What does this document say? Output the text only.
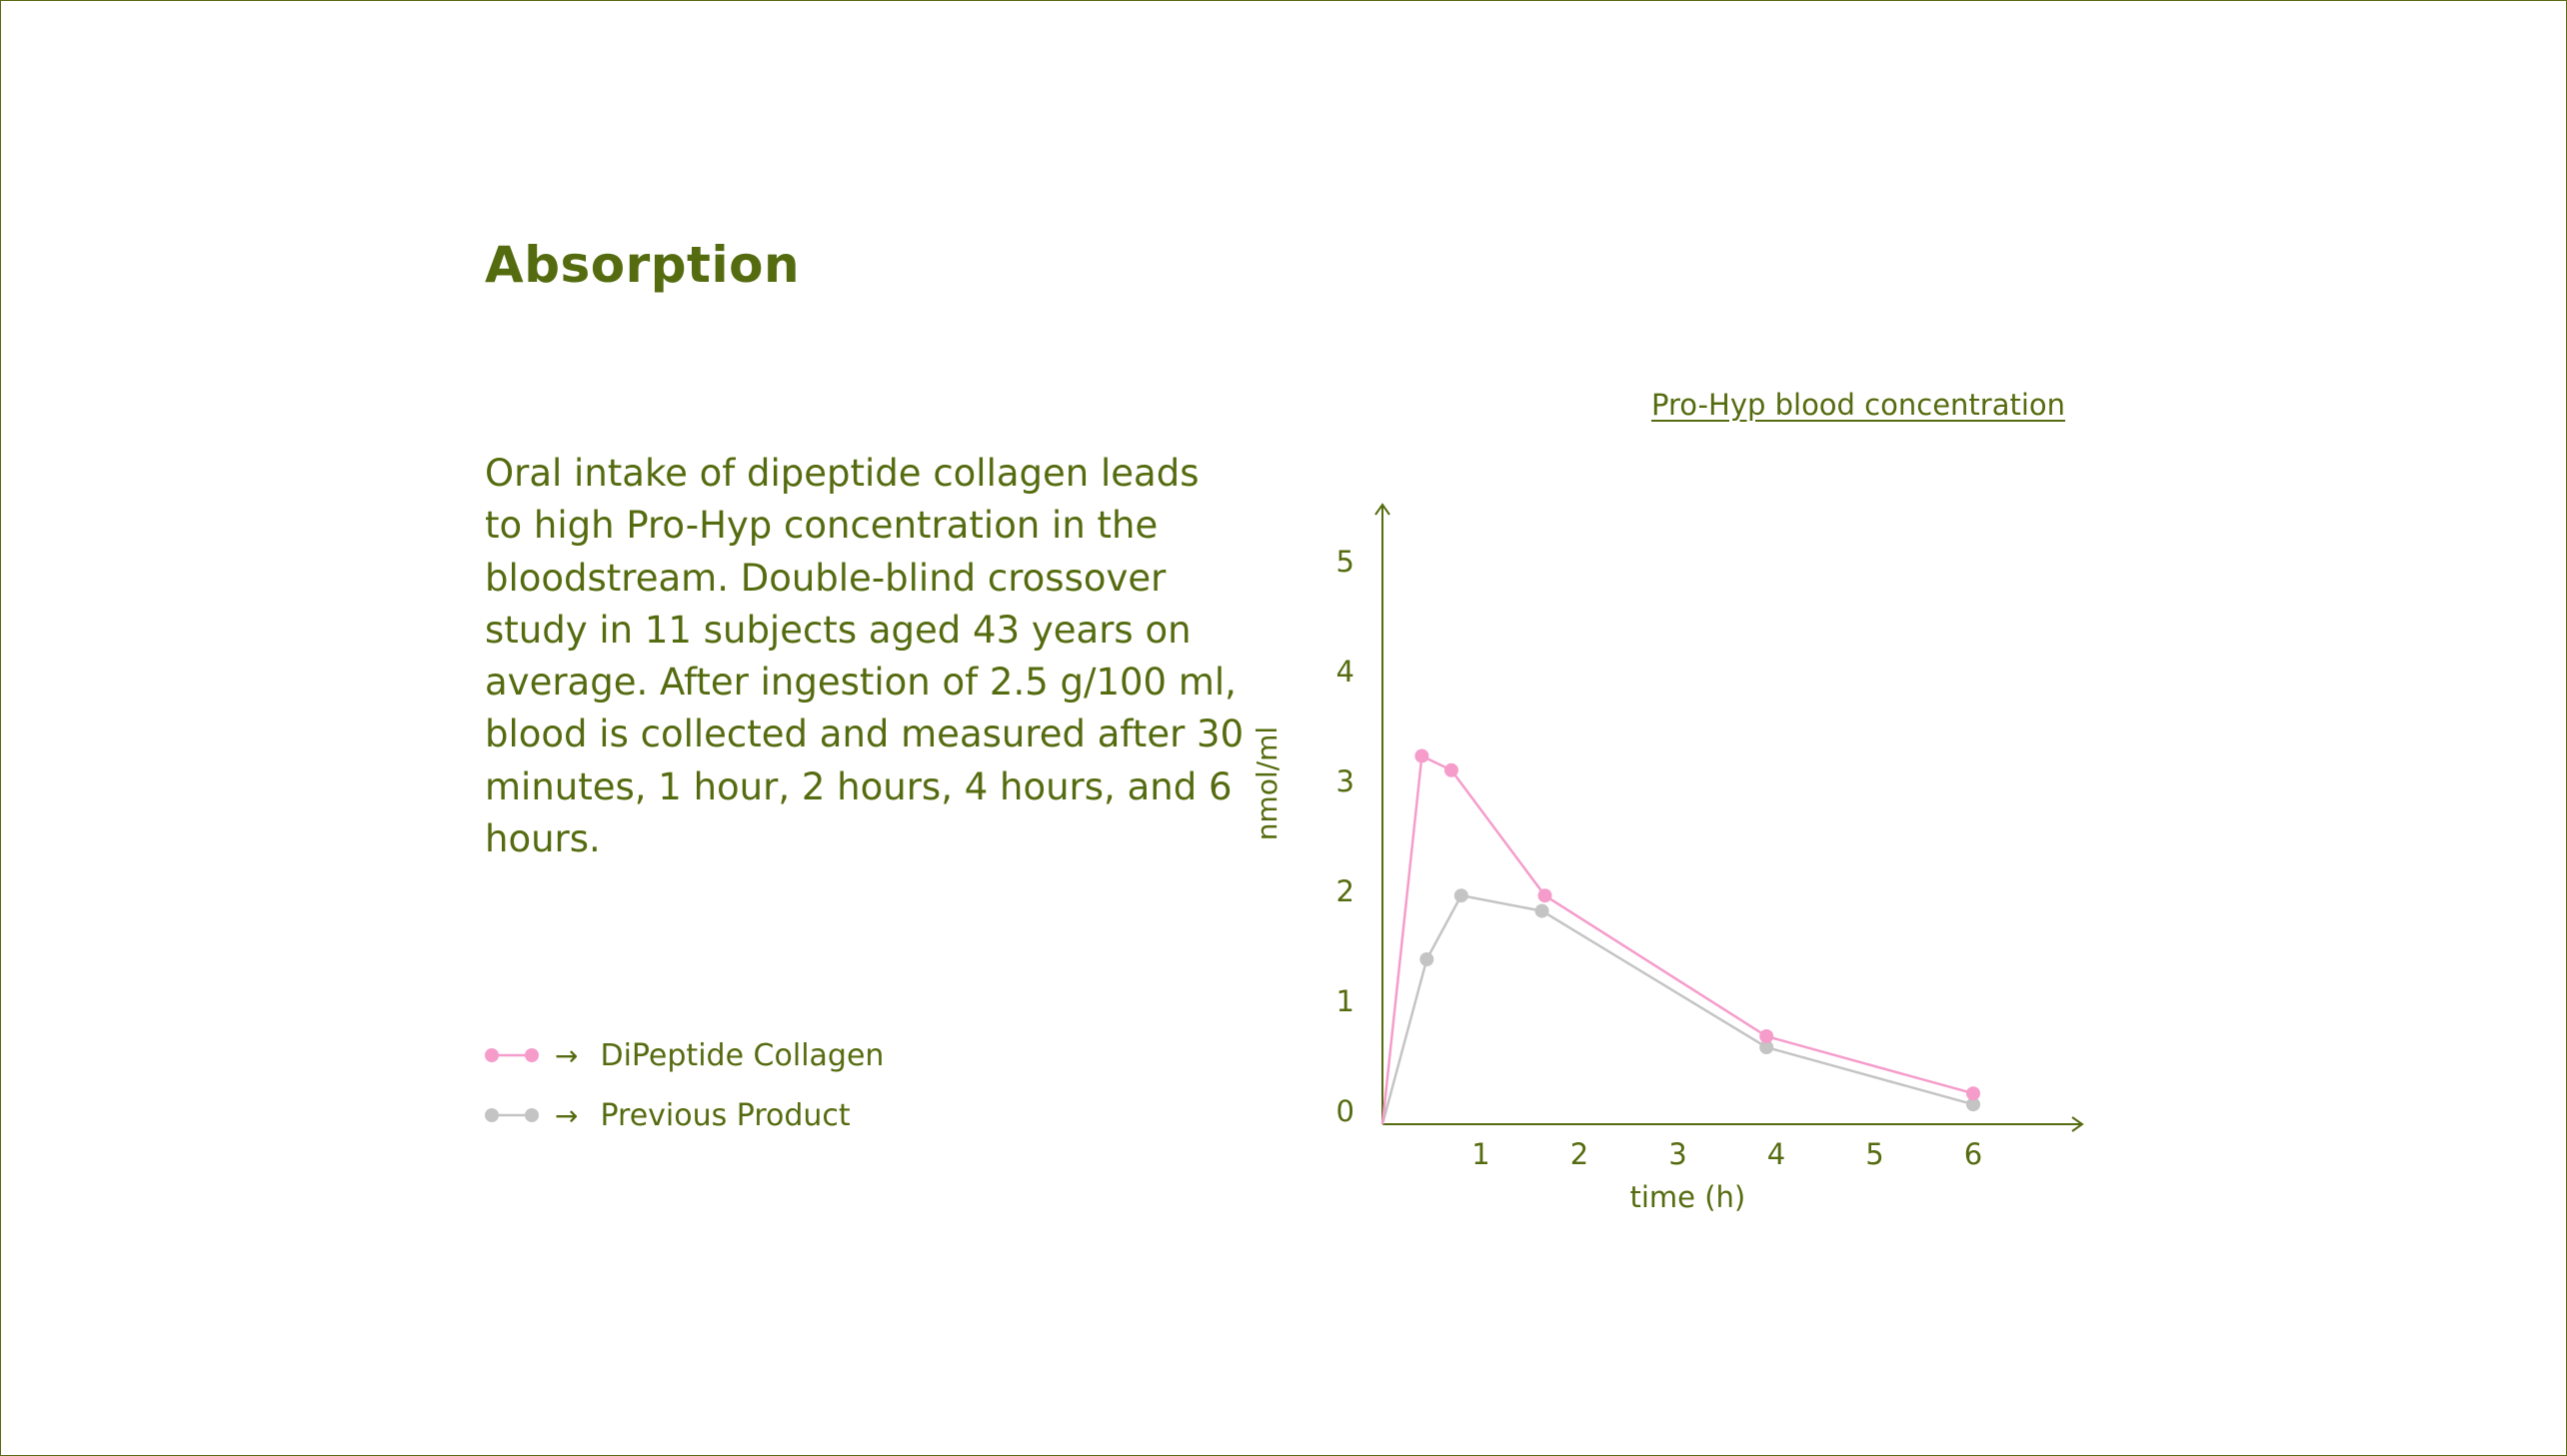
Absorption

Oral intake of dipeptide collagen leads to high Pro-Hyp concentration in the bloodstream. Double-blind crossover study in 11 subjects aged 43 years on average. After ingestion of 2.5 g/100 ml, blood is collected and measured after 30 minutes, 1 hour, 2 hours, 4 hours, and 6 hours.

→ DiPeptide Collagen
→ Previous Product
Pro-Hyp blood concentration
1	2	3	4	5	6
0
1
2
3
4
5
time (h)
nmol/ml
